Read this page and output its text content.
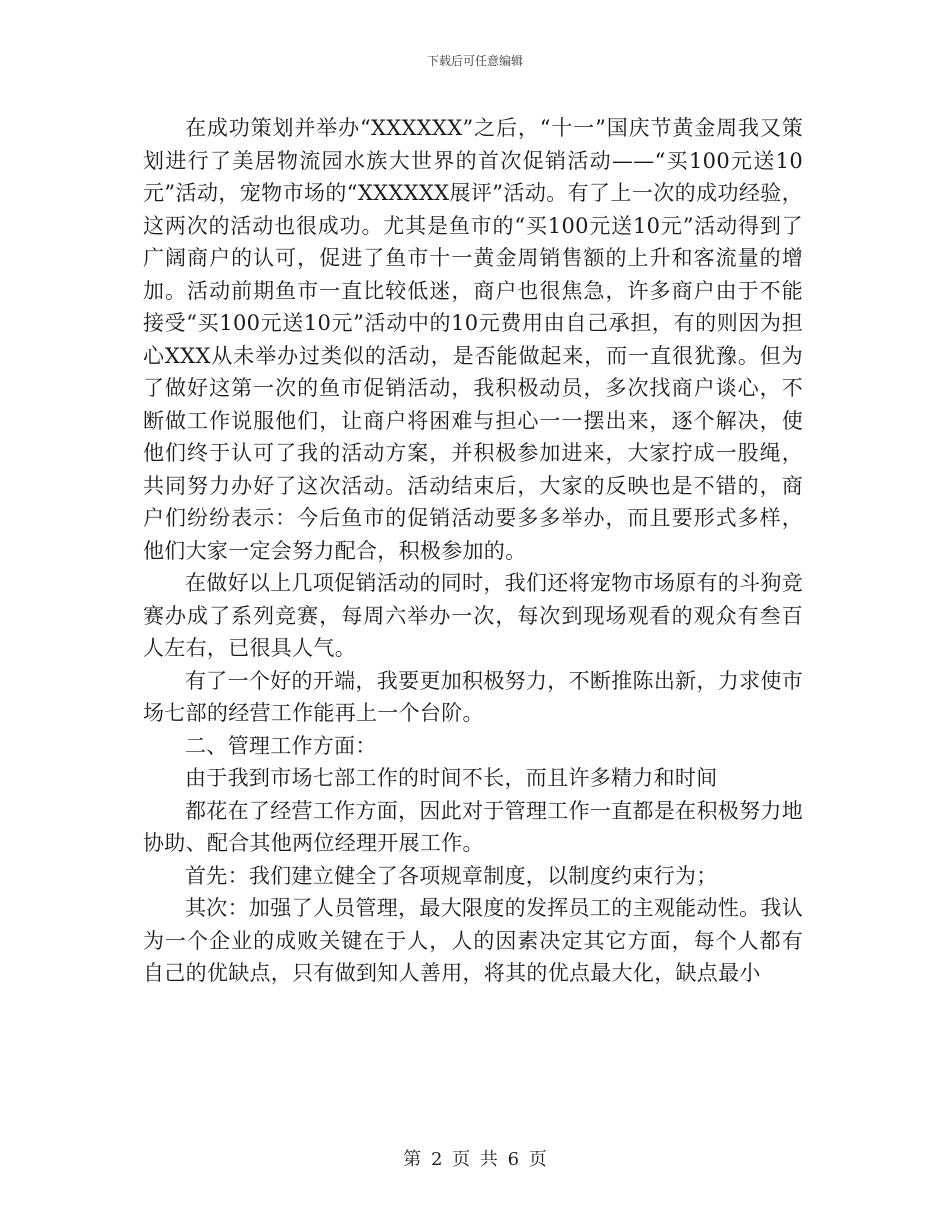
下载后可任意编辑

在成功策划并举办“XXXXXX”之后，“十一”国庆节黄金周我又策划进行了美居物流园水族大世界的首次促销活动——“买100元送10元”活动，宠物市场的“XXXXXX展评”活动。有了上一次的成功经验，这两次的活动也很成功。尤其是鱼市的“买100元送10元”活动得到了广阔商户的认可，促进了鱼市十一黄金周销售额的上升和客流量的增加。活动前期鱼市一直比较低迷，商户也很焦急，许多商户由于不能接受“买100元送10元”活动中的10元费用由自己承担，有的则因为担心XXX从未举办过类似的活动，是否能做起来，而一直很犹豫。但为了做好这第一次的鱼市促销活动，我积极动员，多次找商户谈心，不断做工作说服他们，让商户将困难与担心一一摆出来，逐个解决，使他们终于认可了我的活动方案，并积极参加进来，大家拧成一股绳，共同努力办好了这次活动。活动结束后，大家的反映也是不错的，商户们纷纷表示：今后鱼市的促销活动要多多举办，而且要形式多样，他们大家一定会努力配合，积极参加的。

在做好以上几项促销活动的同时，我们还将宠物市场原有的斗狗竞赛办成了系列竞赛，每周六举办一次，每次到现场观看的观众有叁百人左右，已很具人气。

有了一个好的开端，我要更加积极努力，不断推陈出新，力求使市场七部的经营工作能再上一个台阶。

二、管理工作方面：

由于我到市场七部工作的时间不长，而且许多精力和时间

都花在了经营工作方面，因此对于管理工作一直都是在积极努力地协助、配合其他两位经理开展工作。

首先：我们建立健全了各项规章制度，以制度约束行为；

其次：加强了人员管理，最大限度的发挥员工的主观能动性。我认为一个企业的成败关键在于人，人的因素决定其它方面，每个人都有自己的优缺点，只有做到知人善用，将其的优点最大化，缺点最小

第 2 页 共 6 页
